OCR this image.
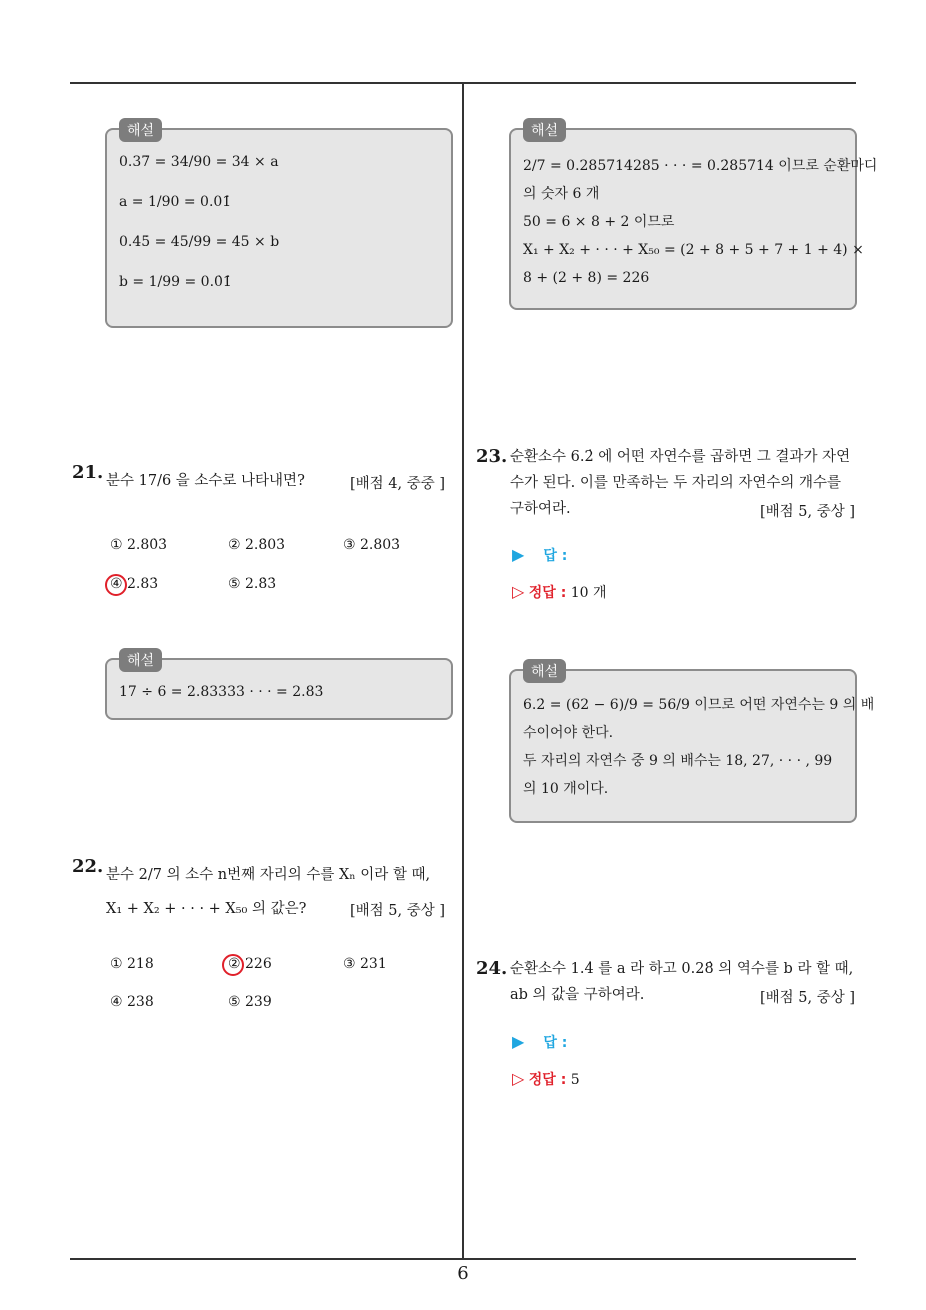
해설
0.37̇ = 34/90 = 34 × a
a = 1/90 = 0.01̇
0.4̇5̇ = 45/99 = 45 × b
b = 1/99 = 0.0̇1̇
21. 분수 17/6 을 소수로 나타내면?	[배점 4, 중중 ]
① 2.80̇3̇	② 2.8̇03̇	③ 2.803̇
④ 2.83̇	⑤ 2.8̇3̇
해설
17 ÷ 6 = 2.83333 · · · = 2.83̇
22. 분수 2/7 의 소수 n번째 자리의 수를 Xₙ 이라 할 때,
X₁ + X₂ + · · · + X₅₀ 의 값은?	[배점 5, 중상 ]
① 218	② 226	③ 231
④ 238	⑤ 239
해설
2/7 = 0.285714285 · · · = 0.2̇85714̇ 이므로 순환마디
의 숫자 6 개
50 = 6 × 8 + 2 이므로
X₁ + X₂ + · · · + X₅₀ = (2 + 8 + 5 + 7 + 1 + 4) ×
8 + (2 + 8) = 226
23. 순환소수 6.2̇ 에 어떤 자연수를 곱하면 그 결과가 자연
수가 된다. 이를 만족하는 두 자리의 자연수의 개수를
구하여라.	[배점 5, 중상 ]
▶ 답 :
▷ 정답 : 10 개
해설
6.2̇ = (62 − 6)/9 = 56/9 이므로 어떤 자연수는 9 의 배
수이어야 한다.
두 자리의 자연수 중 9 의 배수는 18, 27, · · · , 99
의 10 개이다.
24. 순환소수 1.4̇ 를 a 라 하고 0.28̇ 의 역수를 b 라 할 때,
ab 의 값을 구하여라.	[배점 5, 중상 ]
▶ 답 :
▷ 정답 : 5
6
